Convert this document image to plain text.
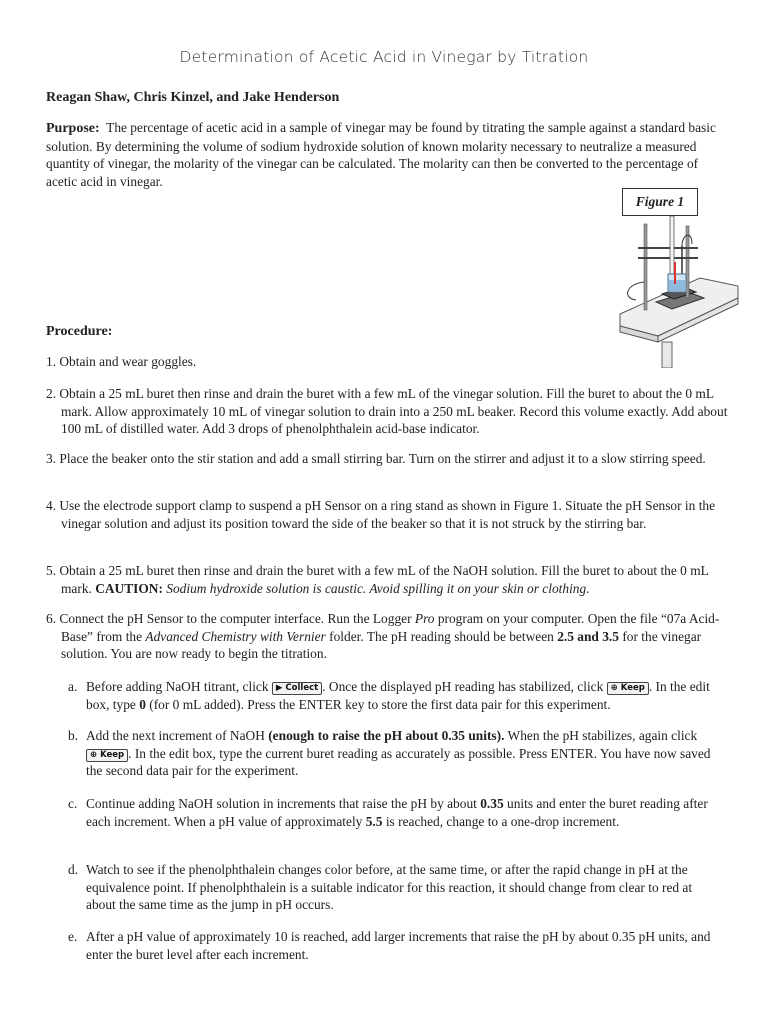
Determination of Acetic Acid in Vinegar by Titration
Reagan Shaw, Chris Kinzel, and Jake Henderson
Purpose: The percentage of acetic acid in a sample of vinegar may be found by titrating the sample against a standard basic solution. By determining the volume of sodium hydroxide solution of known molarity necessary to neutralize a measured quantity of vinegar, the molarity of the vinegar can be calculated. The molarity can then be converted to the percentage of acetic acid in vinegar.
Figure 1
Procedure:
1. Obtain and wear goggles.
2. Obtain a 25 mL buret then rinse and drain the buret with a few mL of the vinegar solution. Fill the buret to about the 0 mL mark. Allow approximately 10 mL of vinegar solution to drain into a 250 mL beaker. Record this volume exactly. Add about 100 mL of distilled water. Add 3 drops of phenolphthalein acid-base indicator.
3. Place the beaker onto the stir station and add a small stirring bar. Turn on the stirrer and adjust it to a slow stirring speed.
4. Use the electrode support clamp to suspend a pH Sensor on a ring stand as shown in Figure 1. Situate the pH Sensor in the vinegar solution and adjust its position toward the side of the beaker so that it is not struck by the stirring bar.
5. Obtain a 25 mL buret then rinse and drain the buret with a few mL of the NaOH solution. Fill the buret to about the 0 mL mark. CAUTION: Sodium hydroxide solution is caustic. Avoid spilling it on your skin or clothing.
6. Connect the pH Sensor to the computer interface. Run the Logger Pro program on your computer. Open the file “07a Acid-Base” from the Advanced Chemistry with Vernier folder. The pH reading should be between 2.5 and 3.5 for the vinegar solution. You are now ready to begin the titration.
a. Before adding NaOH titrant, click ▶ Collect . Once the displayed pH reading has stabilized, click ⊕ Keep . In the edit box, type 0 (for 0 mL added). Press the ENTER key to store the first data pair for this experiment.
b. Add the next increment of NaOH (enough to raise the pH about 0.35 units). When the pH stabilizes, again click ⊕ Keep . In the edit box, type the current buret reading as accurately as possible. Press ENTER. You have now saved the second data pair for the experiment.
c. Continue adding NaOH solution in increments that raise the pH by about 0.35 units and enter the buret reading after each increment. When a pH value of approximately 5.5 is reached, change to a one-drop increment.
d. Watch to see if the phenolphthalein changes color before, at the same time, or after the rapid change in pH at the equivalence point. If phenolphthalein is a suitable indicator for this reaction, it should change from clear to red at about the same time as the jump in pH occurs.
e. After a pH value of approximately 10 is reached, add larger increments that raise the pH by about 0.35 pH units, and enter the buret level after each increment.
